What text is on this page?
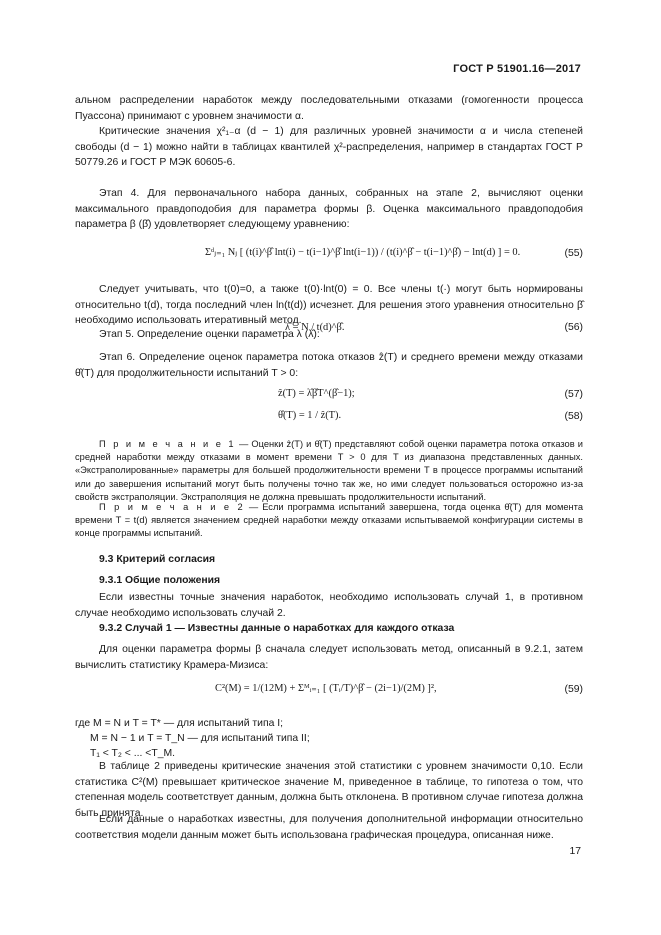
ГОСТ Р 51901.16—2017

альном распределении наработок между последовательными отказами (гомогенности процесса Пуассона) принимают с уровнем значимости α.

Критические значения χ²₁₋α (d − 1) для различных уровней значимости α и числа степеней свободы (d − 1) можно найти в таблицах квантилей χ²-распределения, например в стандартах ГОСТ Р 50779.26 и ГОСТ Р МЭК 60605-6.

Этап 4. Для первоначального набора данных, собранных на этапе 2, вычисляют оценки максимального правдоподобия для параметра формы β. Оценка максимального правдоподобия параметра β (β̂) удовлетворяет следующему уравнению:

Σᵈⱼ₌₁ Nⱼ [ (t(i)^β̂ lnt(i) − t(i−1)^β̂ lnt(i−1)) / (t(i)^β̂ − t(i−1)^β̂) − lnt(d) ] = 0.	(55)

Следует учитывать, что t(0)=0, а также t(0)·lnt(0) = 0. Все члены t(·) могут быть нормированы относительно t(d), тогда последний член ln(t(d)) исчезнет. Для решения этого уравнения относительно β̂ необходимо использовать итеративный метод.

Этап 5. Определение оценки параметра λ (λ̂):

λ̂ = N / t(d)^β̂.	(56)

Этап 6. Определение оценок параметра потока отказов ẑ(T) и среднего времени между отказами θ̂(T) для продолжительности испытаний T > 0:

ẑ(T) = λ̂β̂T^(β̂−1);	(57)
θ̂(T) = 1 / ẑ(T).	(58)

П р и м е ч а н и е 1 — Оценки ẑ(T) и θ̂(T) представляют собой оценки параметра потока отказов и средней наработки между отказами в момент времени T > 0 для T из диапазона представленных данных. «Экстраполированные» параметры для большей продолжительности времени T в процессе программы испытаний или до завершения испытаний могут быть получены точно так же, но ими следует пользоваться осторожно из-за свойств экстраполяции. Экстраполяция не должна превышать продолжительности испытаний.

П р и м е ч а н и е 2 — Если программа испытаний завершена, тогда оценка θ̂(T) для момента времени T = t(d) является значением средней наработки между отказами испытываемой конфигурации системы в конце программы испытаний.

9.3 Критерий согласия
9.3.1 Общие положения

Если известны точные значения наработок, необходимо использовать случай 1, в противном случае необходимо использовать случай 2.

9.3.2 Случай 1 — Известны данные о наработках для каждого отказа

Для оценки параметра формы β сначала следует использовать метод, описанный в 9.2.1, затем вычислить статистику Крамера-Мизиса:

C²(M) = 1/(12M) + Σᴹᵢ₌₁ [ (Tᵢ/T)^β̂ − (2i−1)/(2M) ]²,	(59)

где M = N и T = T* — для испытаний типа I;

M = N − 1 и T = T_N — для испытаний типа II;

T₁ < T₂ < ... <T_M.

В таблице 2 приведены критические значения этой статистики с уровнем значимости 0,10. Если статистика C²(M) превышает критическое значение M, приведенное в таблице, то гипотеза о том, что степенная модель соответствует данным, должна быть отклонена. В противном случае гипотеза должна быть принята.

Если данные о наработках известны, для получения дополнительной информации относительно соответствия модели данным может быть использована графическая процедура, описанная ниже.

17
